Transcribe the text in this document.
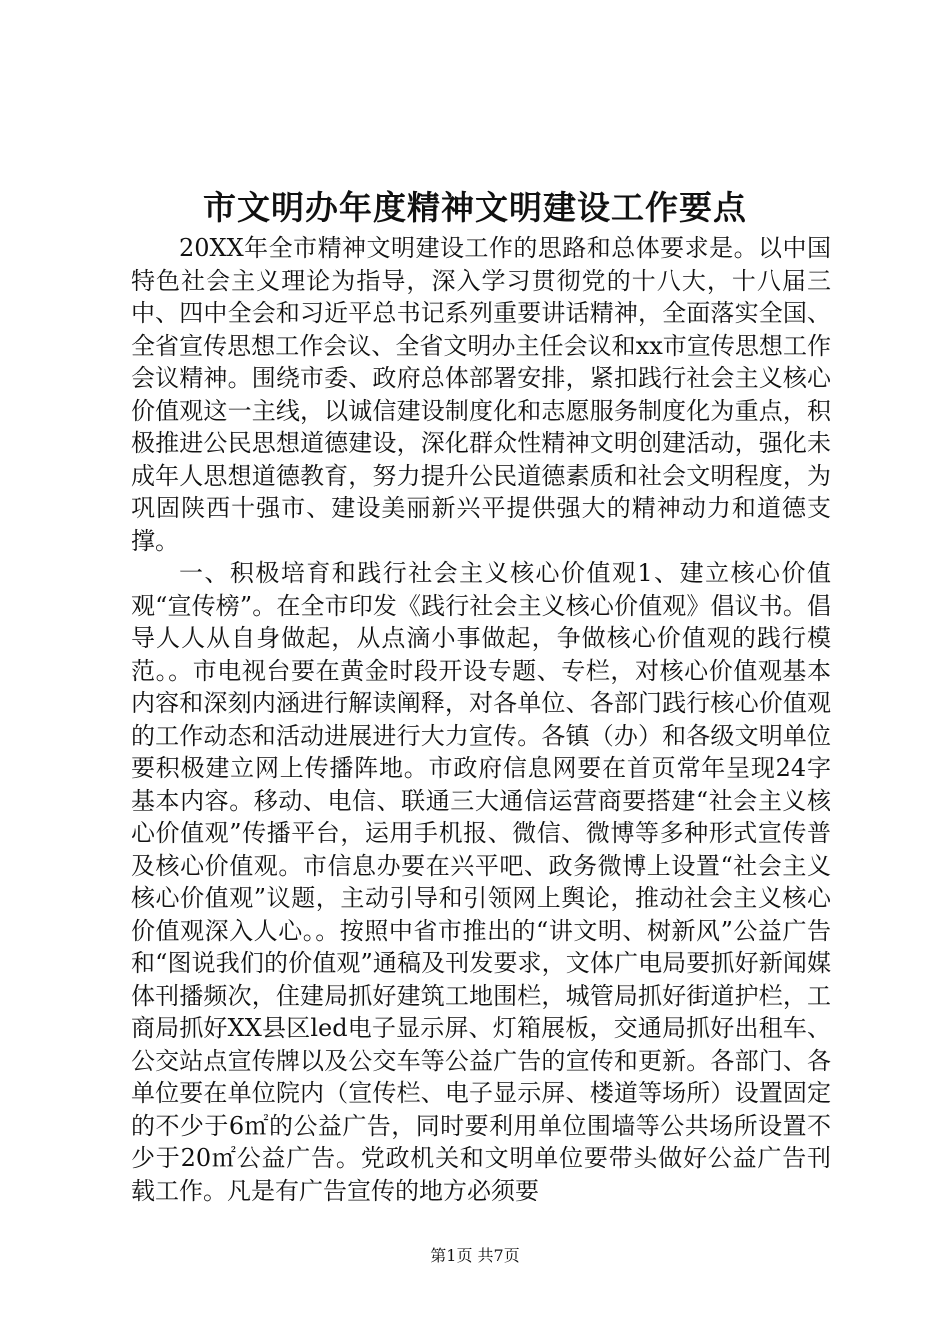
市文明办年度精神文明建设工作要点

20XX年全市精神文明建设工作的思路和总体要求是。以中国特色社会主义理论为指导，深入学习贯彻党的十八大，十八届三中、四中全会和习近平总书记系列重要讲话精神，全面落实全国、全省宣传思想工作会议、全省文明办主任会议和xx市宣传思想工作会议精神。围绕市委、政府总体部署安排，紧扣践行社会主义核心价值观这一主线，以诚信建设制度化和志愿服务制度化为重点，积极推进公民思想道德建设，深化群众性精神文明创建活动，强化未成年人思想道德教育，努力提升公民道德素质和社会文明程度，为巩固陕西十强市、建设美丽新兴平提供强大的精神动力和道德支撑。

一、积极培育和践行社会主义核心价值观1、建立核心价值观“宣传榜”。在全市印发《践行社会主义核心价值观》倡议书。倡导人人从自身做起，从点滴小事做起，争做核心价值观的践行模范。。市电视台要在黄金时段开设专题、专栏，对核心价值观基本内容和深刻内涵进行解读阐释，对各单位、各部门践行核心价值观的工作动态和活动进展进行大力宣传。各镇（办）和各级文明单位要积极建立网上传播阵地。市政府信息网要在首页常年呈现24字基本内容。移动、电信、联通三大通信运营商要搭建“社会主义核心价值观”传播平台，运用手机报、微信、微博等多种形式宣传普及核心价值观。市信息办要在兴平吧、政务微博上设置“社会主义核心价值观”议题，主动引导和引领网上舆论，推动社会主义核心价值观深入人心。。按照中省市推出的“讲文明、树新风”公益广告和“图说我们的价值观”通稿及刊发要求，文体广电局要抓好新闻媒体刊播频次，住建局抓好建筑工地围栏，城管局抓好街道护栏，工商局抓好XX县区led电子显示屏、灯箱展板，交通局抓好出租车、公交站点宣传牌以及公交车等公益广告的宣传和更新。各部门、各单位要在单位院内（宣传栏、电子显示屏、楼道等场所）设置固定的不少于6㎡的公益广告，同时要利用单位围墙等公共场所设置不少于20㎡公益广告。党政机关和文明单位要带头做好公益广告刊载工作。凡是有广告宣传的地方必须要

第1页 共7页
